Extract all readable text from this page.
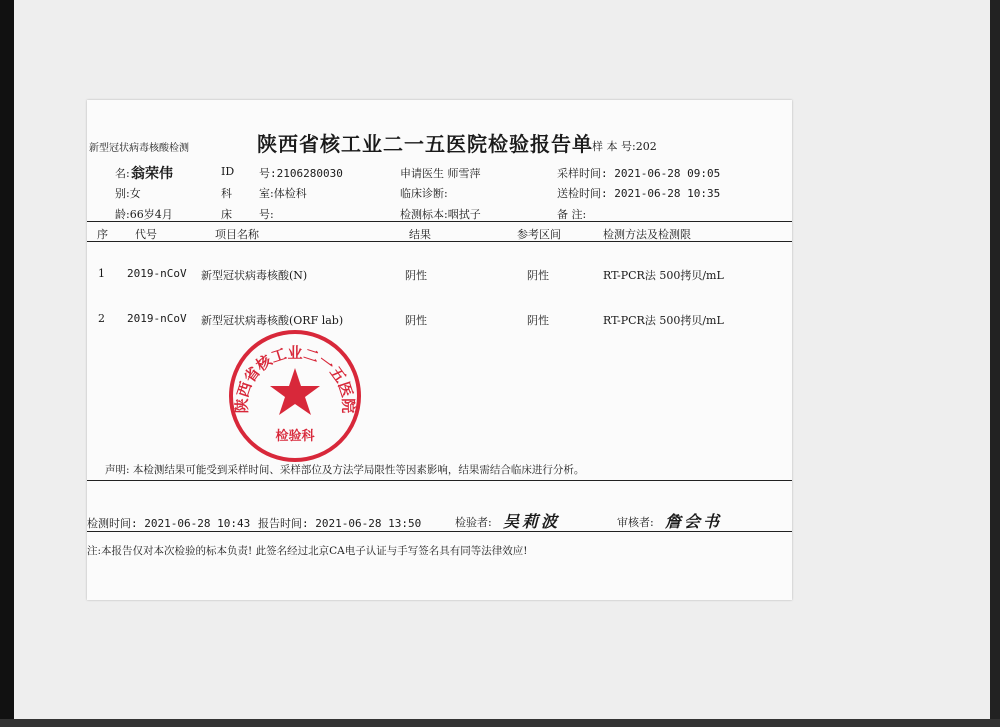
新型冠状病毒核酸检测	陕西省核工业二一五医院检验报告单 样 本 号:202
名: 翁荣伟
别:女
龄:66岁4月
ID 号:2106280030
科 室:体检科
床 号:
申请医生 师雪萍
临床诊断:
检测标本:咽拭子
采样时间: 2021-06-28 09:05
送检时间: 2021-06-28 10:35
备 注:
序 代号	项目名称	结果	参考区间	检测方法及检测限
1 2019-nCoV 新型冠状病毒核酸(N)	阴性	阴性	RT-PCR法 500拷贝/mL
2 2019-nCoV 新型冠状病毒核酸(ORF lab)	阴性	阴性	RT-PCR法 500拷贝/mL
陕西省核工业二一五医院
检验科
声明: 本检测结果可能受到采样时间、采样部位及方法学局限性等因素影响，结果需结合临床进行分析。
检测时间: 2021-06-28 10:43 报告时间: 2021-06-28 13:50	检验者: 吴莉波	审核者: 詹会书
注:本报告仅对本次检验的标本负责! 此签名经过北京CA电子认证与手写签名具有同等法律效应!
